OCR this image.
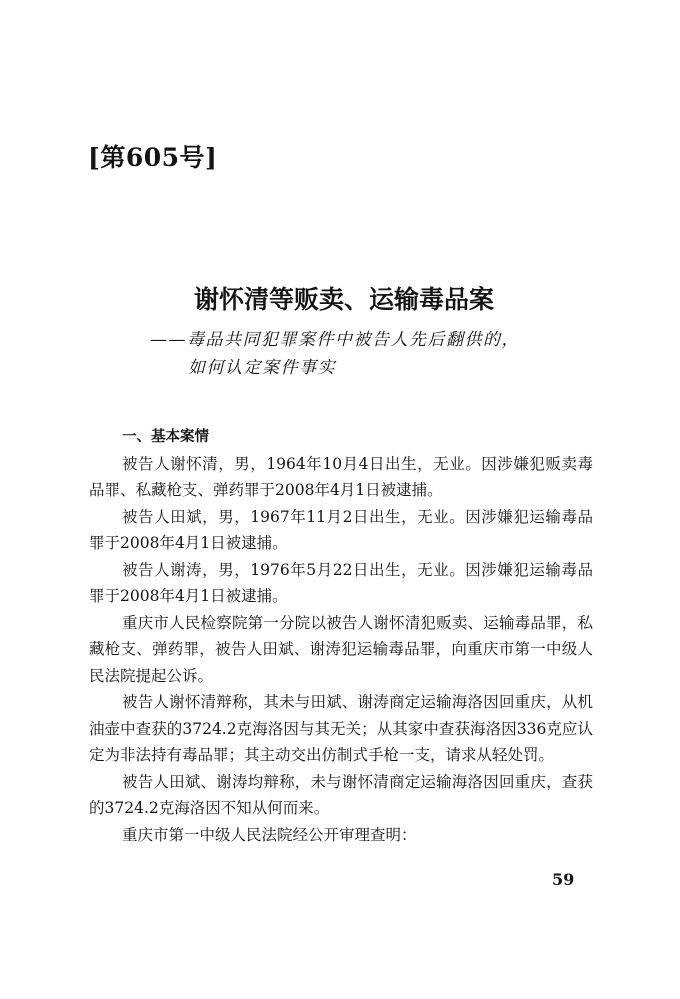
[第605号]
谢怀清等贩卖、运输毒品案
——毒品共同犯罪案件中被告人先后翻供的，
如何认定案件事实

一、基本案情

被告人谢怀清，男，1964年10月4日出生，无业。因涉嫌犯贩卖毒品罪、私藏枪支、弹药罪于2008年4月1日被逮捕。

被告人田斌，男，1967年11月2日出生，无业。因涉嫌犯运输毒品罪于2008年4月1日被逮捕。

被告人谢涛，男，1976年5月22日出生，无业。因涉嫌犯运输毒品罪于2008年4月1日被逮捕。

重庆市人民检察院第一分院以被告人谢怀清犯贩卖、运输毒品罪，私藏枪支、弹药罪，被告人田斌、谢涛犯运输毒品罪，向重庆市第一中级人民法院提起公诉。

被告人谢怀清辩称，其未与田斌、谢涛商定运输海洛因回重庆，从机油壶中查获的3724.2克海洛因与其无关；从其家中查获海洛因336克应认定为非法持有毒品罪；其主动交出仿制式手枪一支，请求从轻处罚。

被告人田斌、谢涛均辩称，未与谢怀清商定运输海洛因回重庆，查获的3724.2克海洛因不知从何而来。

重庆市第一中级人民法院经公开审理查明：

59
